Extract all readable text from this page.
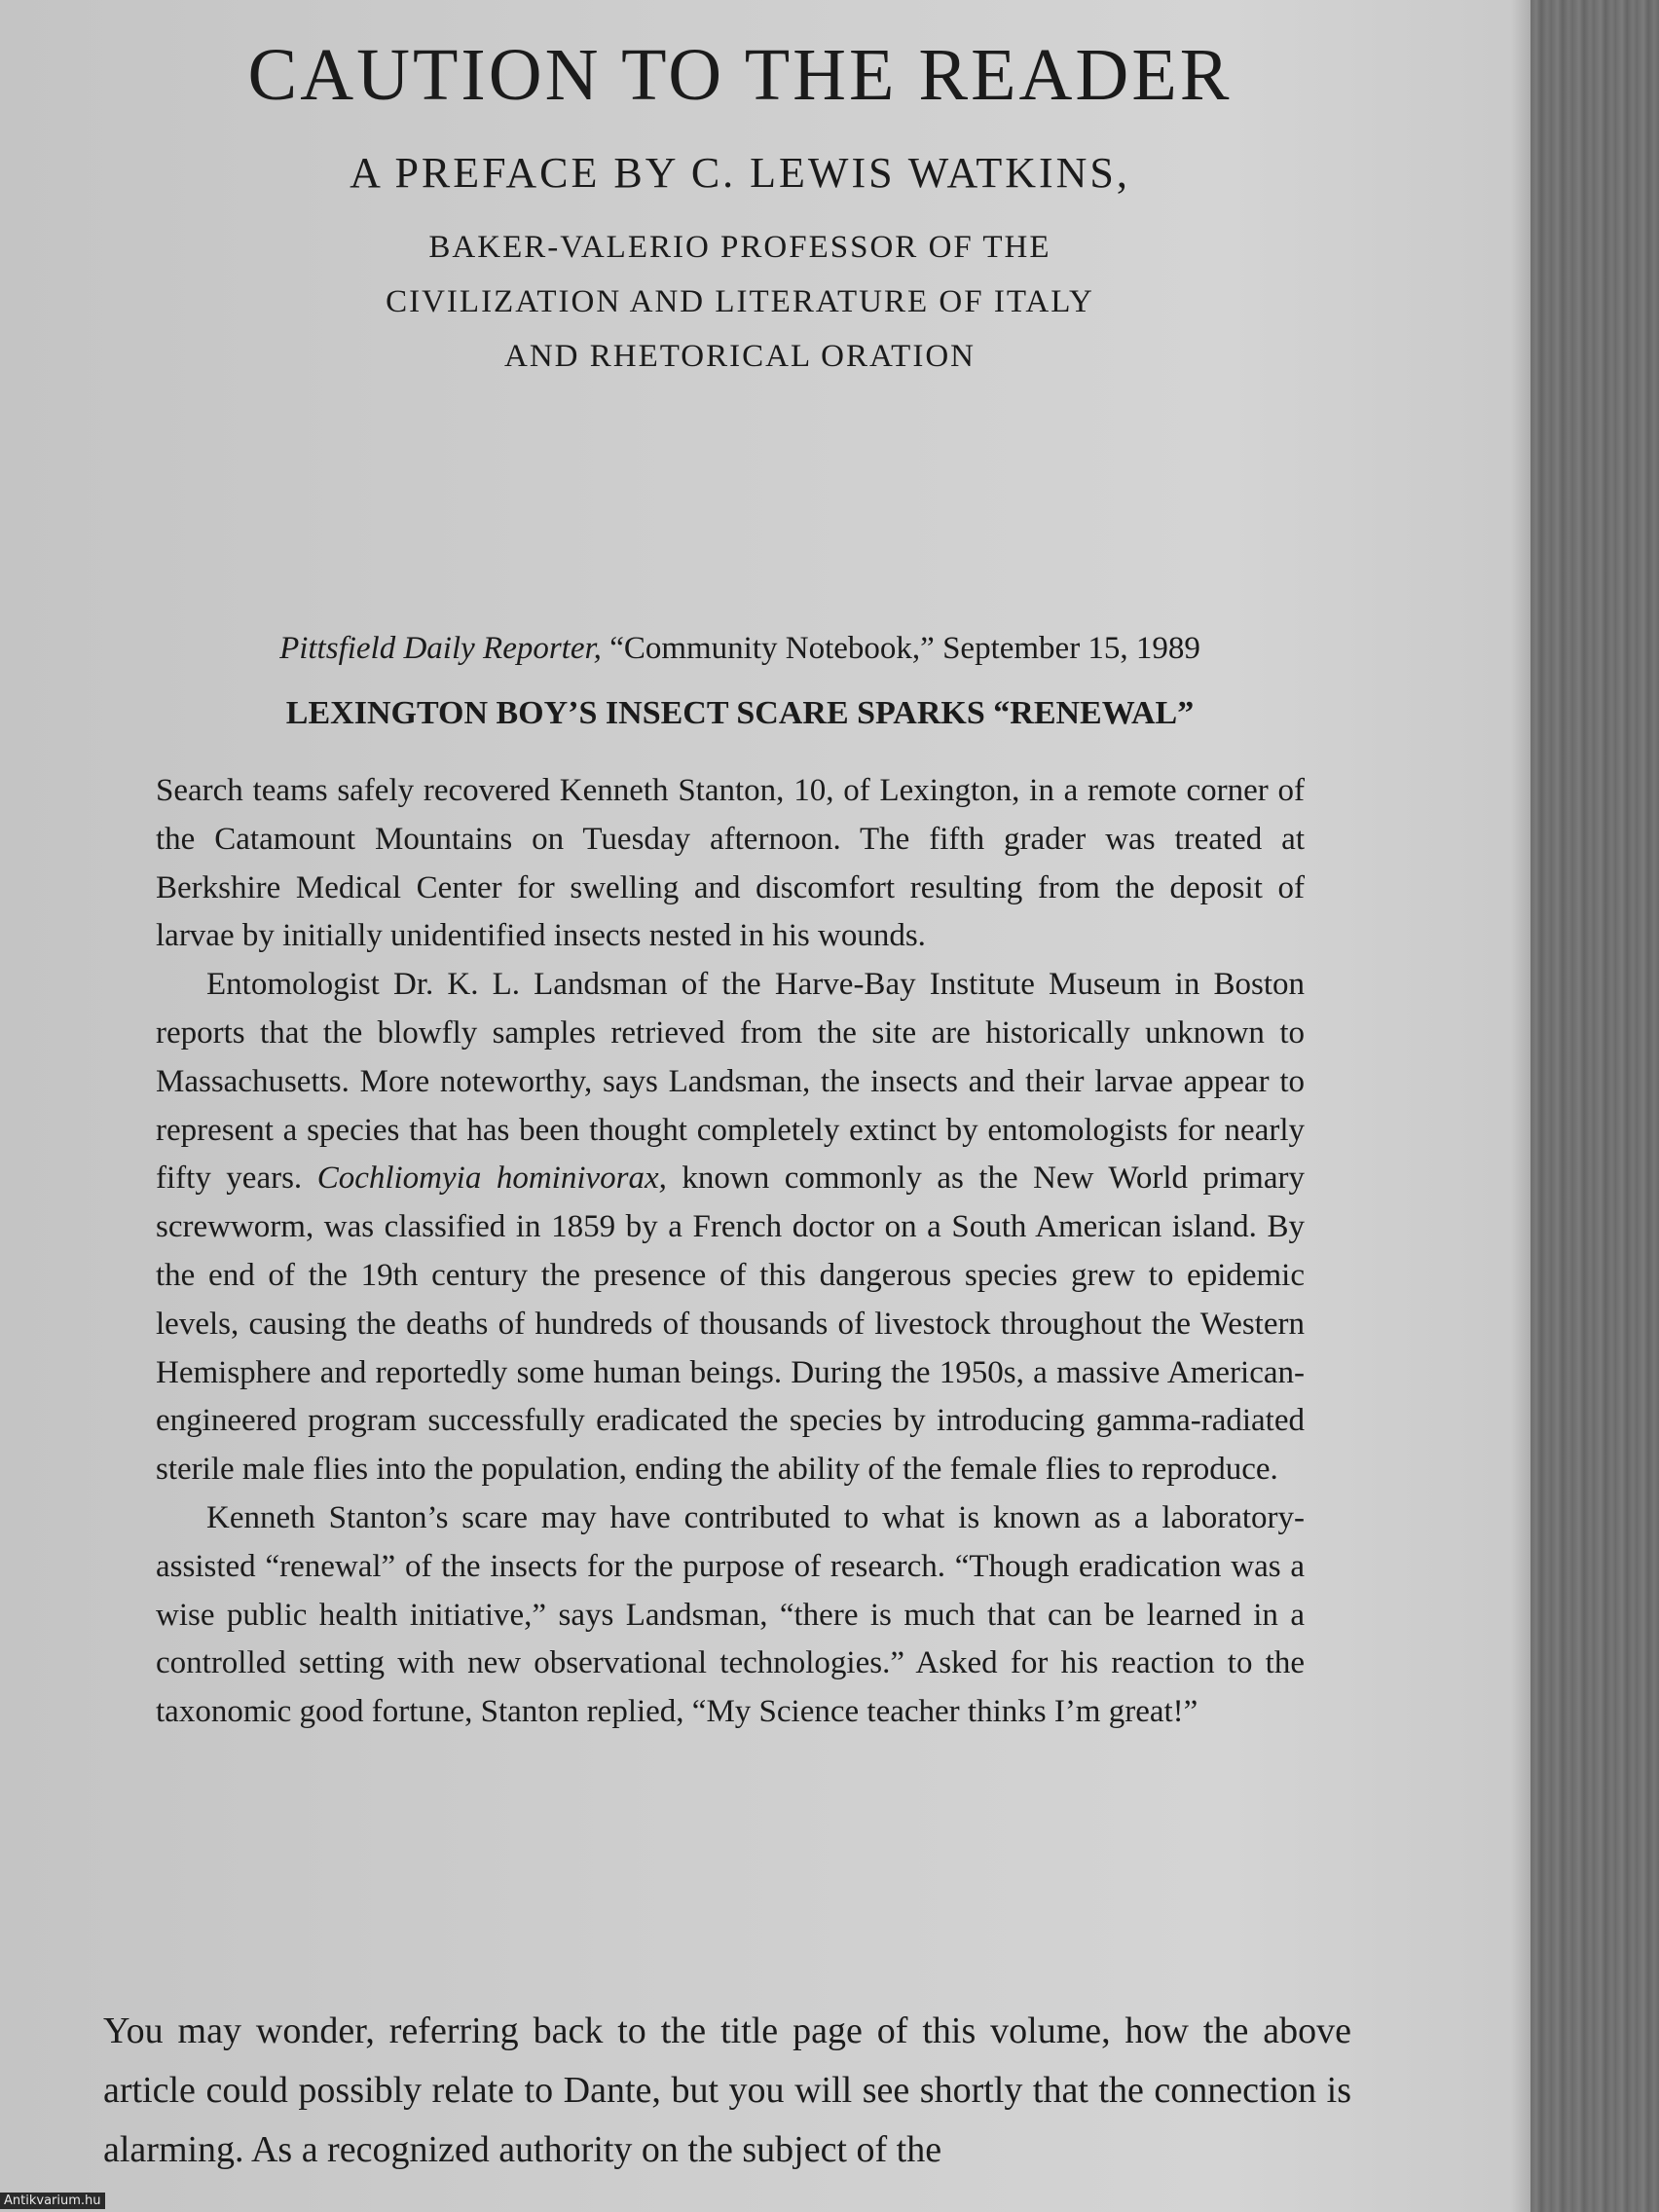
CAUTION TO THE READER
A PREFACE BY C. LEWIS WATKINS,
BAKER-VALERIO PROFESSOR OF THE
CIVILIZATION AND LITERATURE OF ITALY
AND RHETORICAL ORATION
Pittsfield Daily Reporter, “Community Notebook,” September 15, 1989
LEXINGTON BOY’S INSECT SCARE SPARKS “RENEWAL”

Search teams safely recovered Kenneth Stanton, 10, of Lexington, in a remote corner of the Catamount Mountains on Tuesday afternoon. The fifth grader was treated at Berkshire Medical Center for swelling and discomfort resulting from the deposit of larvae by initially unidentified insects nested in his wounds.

Entomologist Dr. K. L. Landsman of the Harve-Bay Institute Museum in Boston reports that the blowfly samples retrieved from the site are historically unknown to Massachusetts. More noteworthy, says Landsman, the insects and their larvae appear to represent a species that has been thought completely extinct by entomologists for nearly fifty years. Cochliomyia hominivorax, known commonly as the New World primary screwworm, was classified in 1859 by a French doctor on a South American island. By the end of the 19th century the presence of this dangerous species grew to epidemic levels, causing the deaths of hundreds of thousands of livestock throughout the Western Hemisphere and reportedly some human beings. During the 1950s, a massive American-engineered program successfully eradicated the species by introducing gamma-radiated sterile male flies into the population, ending the ability of the female flies to reproduce.

Kenneth Stanton’s scare may have contributed to what is known as a laboratory-assisted “renewal” of the insects for the purpose of research. “Though eradication was a wise public health initiative,” says Landsman, “there is much that can be learned in a controlled setting with new observational technologies.” Asked for his reaction to the taxonomic good fortune, Stanton replied, “My Science teacher thinks I’m great!”

You may wonder, referring back to the title page of this volume, how the above article could possibly relate to Dante, but you will see shortly that the connection is alarming. As a recognized authority on the subject of the

Antikvarium.hu
